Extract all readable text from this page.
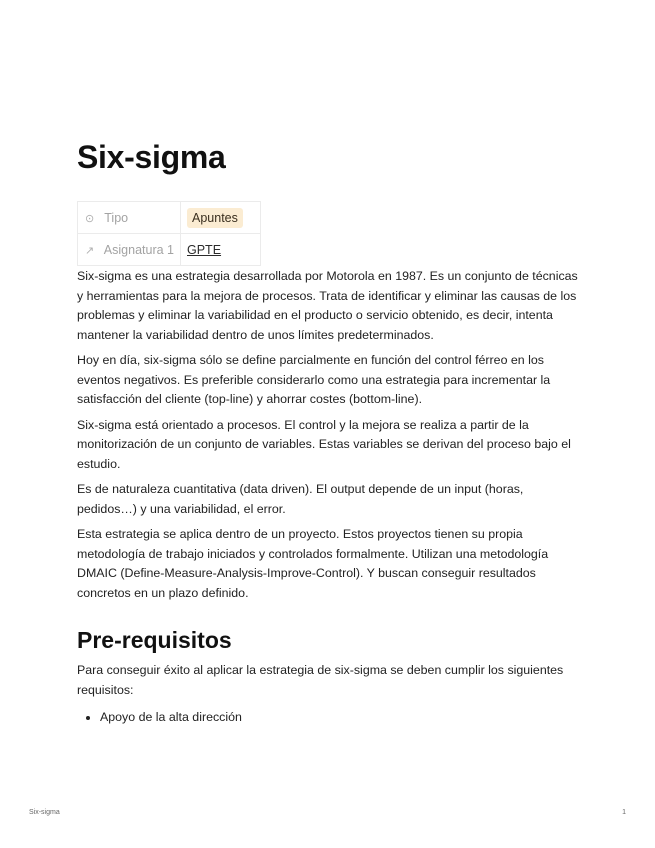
Six-sigma
⊙ Tipo	Apuntes
↗ Asignatura 1	GPTE

Six-sigma es una estrategia desarrollada por Motorola en 1987. Es un conjunto de técnicas y herramientas para la mejora de procesos. Trata de identificar y eliminar las causas de los problemas y eliminar la variabilidad en el producto o servicio obtenido, es decir, intenta mantener la variabilidad dentro de unos límites predeterminados.

Hoy en día, six-sigma sólo se define parcialmente en función del control férreo en los eventos negativos. Es preferible considerarlo como una estrategia para incrementar la satisfacción del cliente (top-line) y ahorrar costes (bottom-line).

Six-sigma está orientado a procesos. El control y la mejora se realiza a partir de la monitorización de un conjunto de variables. Estas variables se derivan del proceso bajo el estudio.

Es de naturaleza cuantitativa (data driven). El output depende de un input (horas, pedidos…) y una variabilidad, el error.

Esta estrategia se aplica dentro de un proyecto. Estos proyectos tienen su propia metodología de trabajo iniciados y controlados formalmente. Utilizan una metodología DMAIC (Define-Measure-Analysis-Improve-Control). Y buscan conseguir resultados concretos en un plazo definido.

Pre-requisitos

Para conseguir éxito al aplicar la estrategia de six-sigma se deben cumplir los siguientes requisitos:

• Apoyo de la alta dirección
Six-sigma	1
